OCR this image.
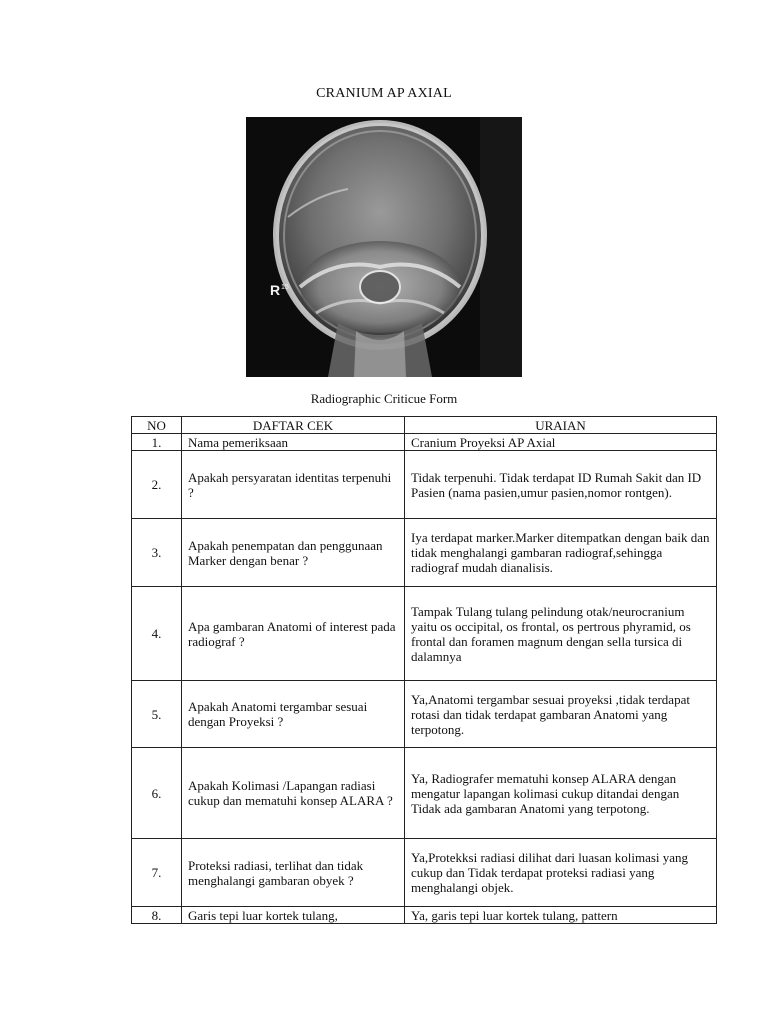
CRANIUM AP AXIAL
R 15
Radiographic Criticue Form
NO	DAFTAR CEK	URAIAN
1.	Nama pemeriksaan	Cranium Proyeksi AP Axial
2.	Apakah persyaratan identitas terpenuhi ?	Tidak terpenuhi. Tidak terdapat ID Rumah Sakit dan ID Pasien (nama pasien,umur pasien,nomor rontgen).
3.	Apakah penempatan dan penggunaan Marker dengan benar ?	Iya terdapat marker.Marker ditempatkan dengan baik dan tidak menghalangi gambaran radiograf,sehingga radiograf mudah dianalisis.
4.	Apa gambaran Anatomi of interest pada radiograf ?	Tampak Tulang tulang pelindung otak/neurocranium yaitu os occipital, os frontal, os pertrous phyramid, os frontal dan foramen magnum dengan sella tursica di dalamnya
5.	Apakah Anatomi tergambar sesuai dengan Proyeksi ?	Ya,Anatomi tergambar sesuai proyeksi ,tidak terdapat rotasi dan tidak terdapat gambaran Anatomi yang terpotong.
6.	Apakah Kolimasi /Lapangan radiasi cukup dan mematuhi konsep ALARA ?	Ya, Radiografer mematuhi konsep ALARA dengan mengatur lapangan kolimasi cukup ditandai dengan Tidak ada gambaran Anatomi yang terpotong.
7.	Proteksi radiasi, terlihat dan tidak menghalangi gambaran obyek ?	Ya,Protekksi radiasi dilihat dari luasan kolimasi yang cukup dan Tidak terdapat proteksi radiasi yang menghalangi objek.
8.	Garis tepi luar kortek tulang,	Ya, garis tepi luar kortek tulang, pattern
